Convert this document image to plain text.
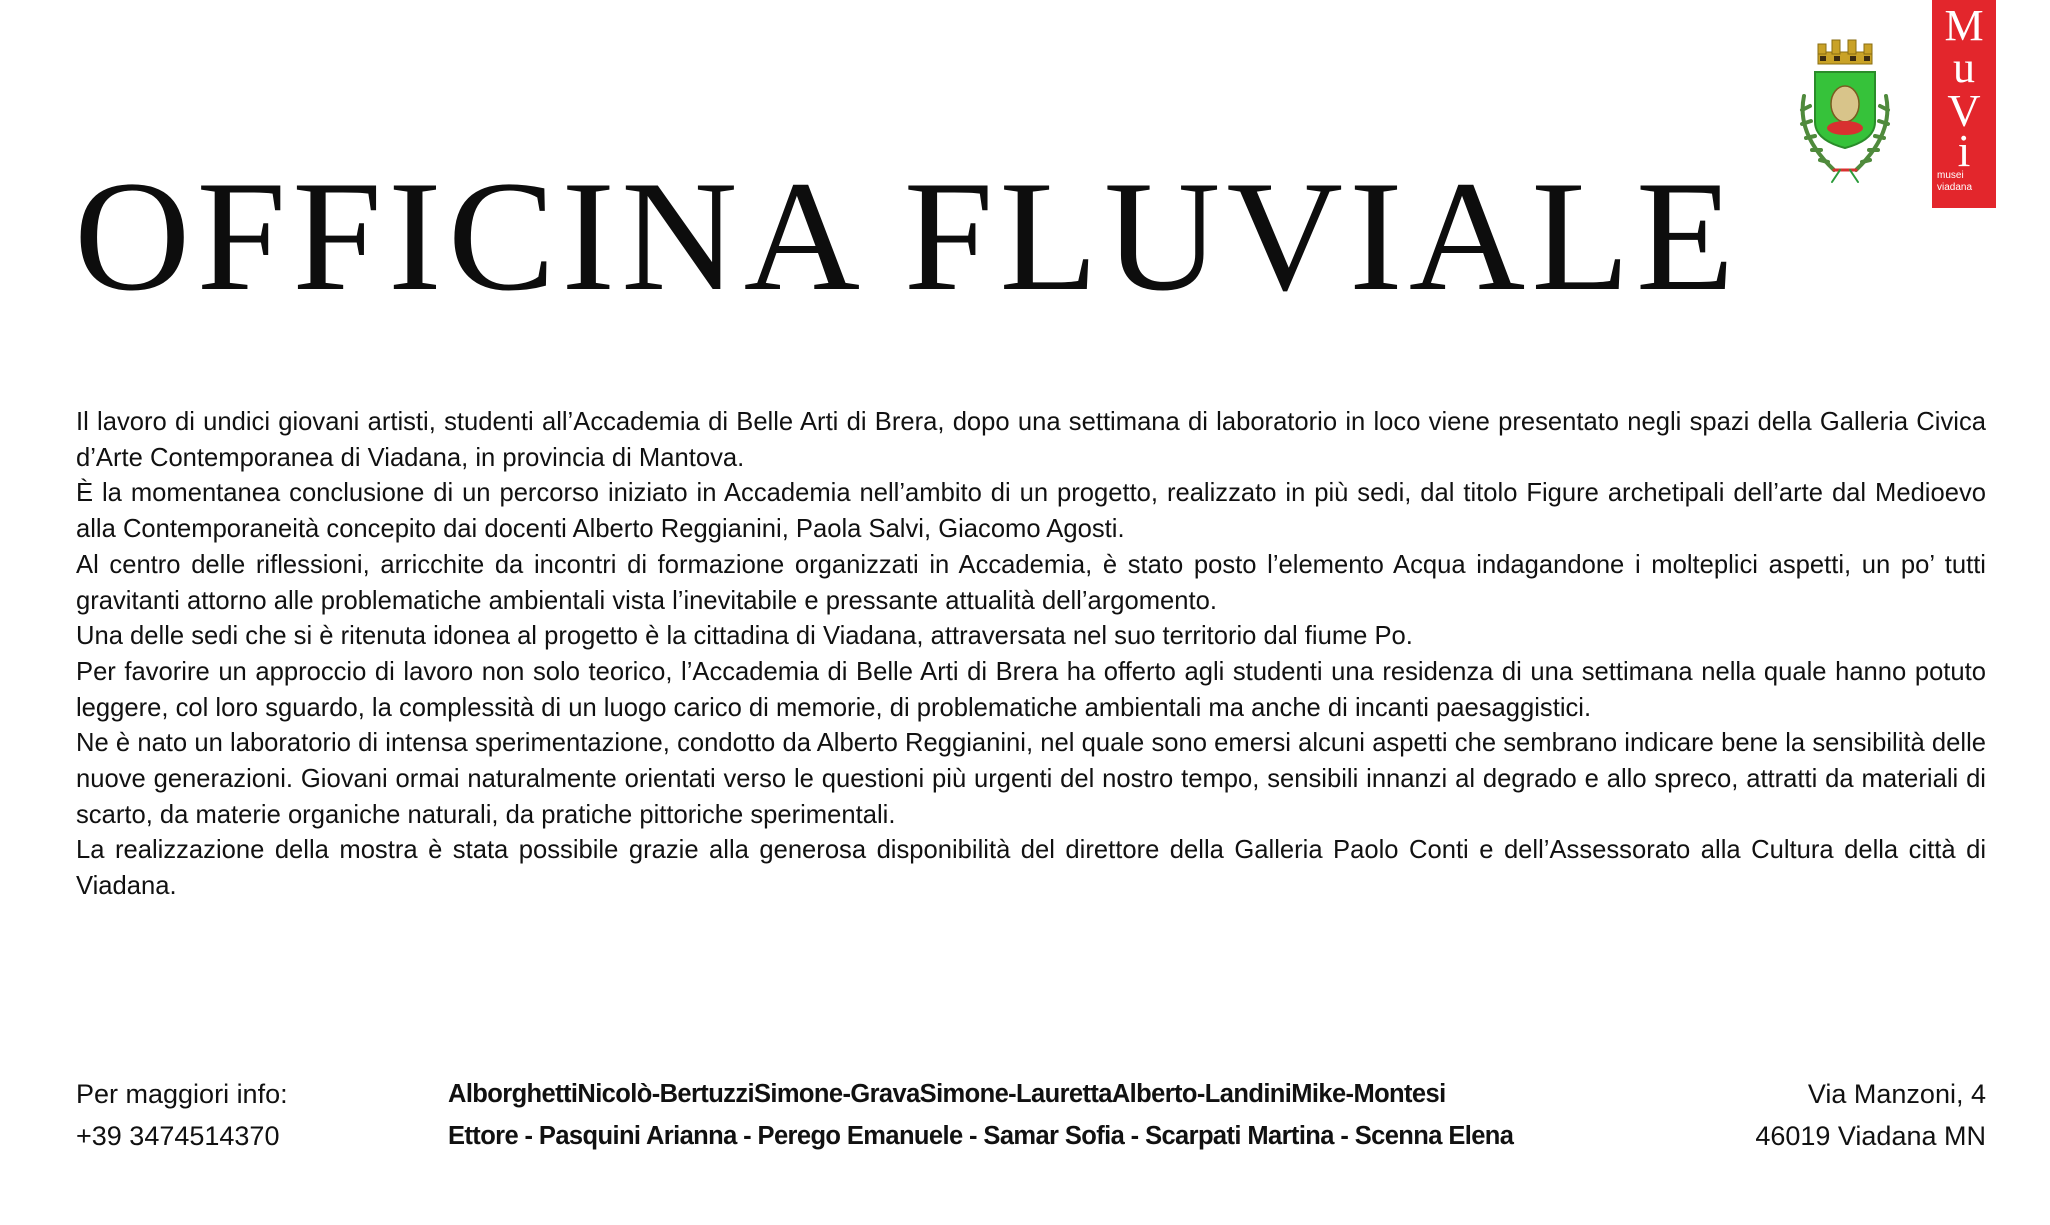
M
u
V
i
musei
viadana
OFFICINA FLUVIALE

Il lavoro di undici giovani artisti, studenti all’Accademia di Belle Arti di Brera, dopo una settimana di laboratorio in loco viene presentato negli spazi della Galleria Civica d’Arte Contemporanea di Viadana, in provincia di Mantova.

È la momentanea conclusione di un percorso iniziato in Accademia nell’ambito di un progetto, realizzato in più sedi, dal titolo Figure archetipali dell’arte dal Medioevo alla Contemporaneità concepito dai docenti Alberto Reggianini, Paola Salvi, Giacomo Agosti.

Al centro delle riflessioni, arricchite da incontri di formazione organizzati in Accademia, è stato posto l’elemento Acqua indagandone i molteplici aspetti, un po’ tutti gravitanti attorno alle problematiche ambientali vista l’inevitabile e pressante attualità dell’argomento.

Una delle sedi che si è ritenuta idonea al progetto è la cittadina di Viadana, attraversata nel suo territorio dal fiume Po.

Per favorire un approccio di lavoro non solo teorico, l’Accademia di Belle Arti di Brera ha offerto agli studenti una residenza di una settimana nella quale hanno potuto leggere, col loro sguardo, la complessità di un luogo carico di memorie, di problematiche ambientali ma anche di incanti paesaggistici.

Ne è nato un laboratorio di intensa sperimentazione, condotto da Alberto Reggianini, nel quale sono emersi alcuni aspetti che sembrano indicare bene la sensibilità delle nuove generazioni. Giovani ormai naturalmente orientati verso le questioni più urgenti del nostro tempo, sensibili innanzi al degrado e allo spreco, attratti da materiali di scarto, da materie organiche naturali, da pratiche pittoriche sperimentali.

La realizzazione della mostra è stata possibile grazie alla generosa disponibilità del direttore della Galleria Paolo Conti e dell’Assessorato alla Cultura della città di Viadana.

Per maggiori info:
+39 3474514370
AlborghettiNicolò-BertuzziSimone-GravaSimone-LaurettaAlberto-LandiniMike-Montesi
Ettore - Pasquini Arianna - Perego Emanuele - Samar Sofia - Scarpati Martina - Scenna Elena
Via Manzoni, 4
46019 Viadana MN
